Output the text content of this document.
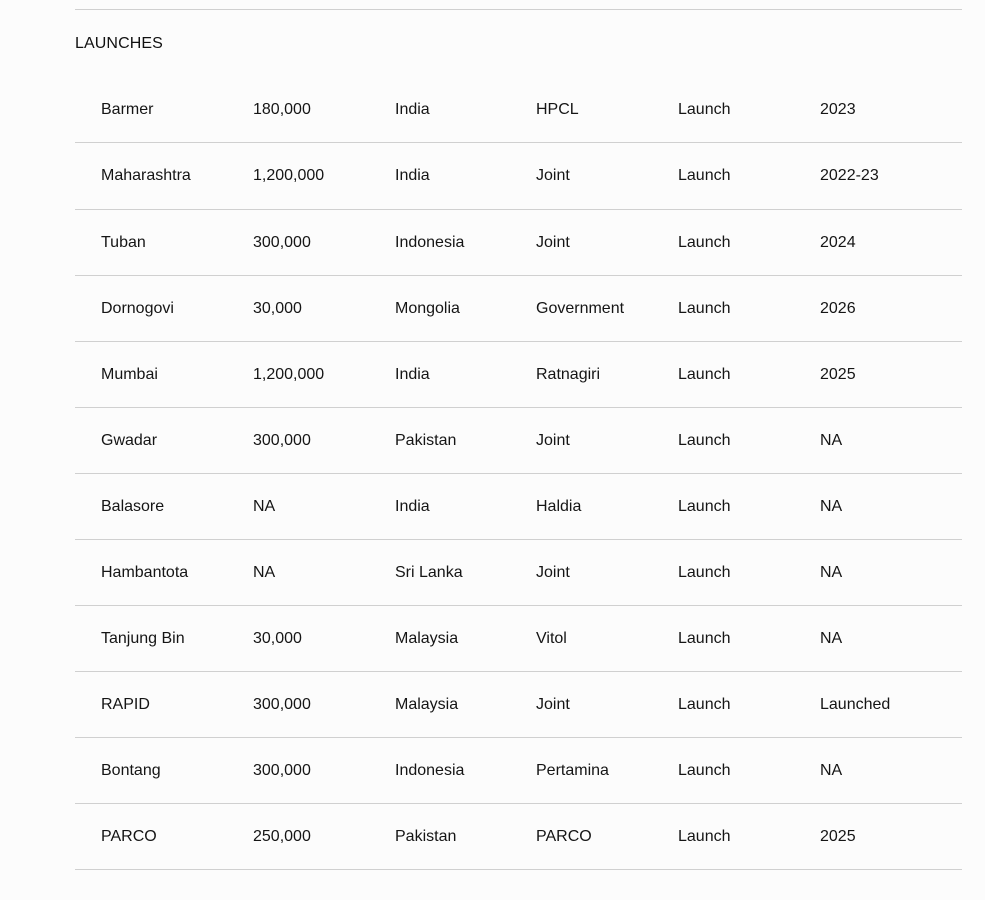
LAUNCHES
Barmer	180,000	India	HPCL	Launch	2023
Maharashtra	1,200,000	India	Joint	Launch	2022-23
Tuban	300,000	Indonesia	Joint	Launch	2024
Dornogovi	30,000	Mongolia	Government	Launch	2026
Mumbai	1,200,000	India	Ratnagiri	Launch	2025
Gwadar	300,000	Pakistan	Joint	Launch	NA
Balasore	NA	India	Haldia	Launch	NA
Hambantota	NA	Sri Lanka	Joint	Launch	NA
Tanjung Bin	30,000	Malaysia	Vitol	Launch	NA
RAPID	300,000	Malaysia	Joint	Launch	Launched
Bontang	300,000	Indonesia	Pertamina	Launch	NA
PARCO	250,000	Pakistan	PARCO	Launch	2025
